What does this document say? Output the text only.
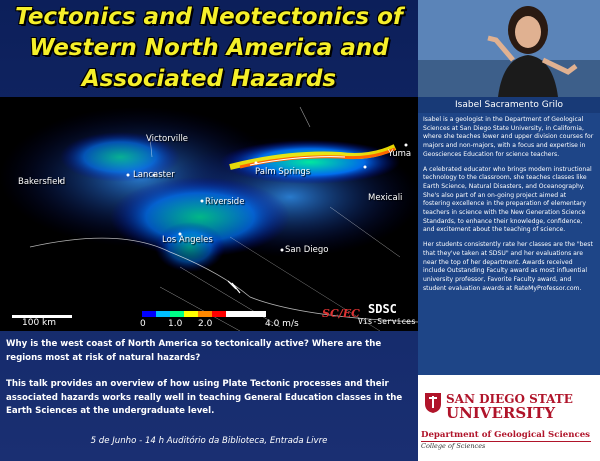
Tectonics and Neotectonics of
Western North America and
Associated Hazards
Victorville
Bakersfield
Lancaster	Palm Springs
Riverside
Los Angeles
San Diego
Mexicali
Yuma
100 km	0 1.0 2.0	4.0 m/s
SC/EC SDSC
Vis-Services
Why is the west coast of North America so tectonically active? Where are the regions most at risk of natural hazards?
This talk provides an overview of how using Plate Tectonic processes and their associated hazards works really well in teaching General Education classes in the Earth Sciences at the undergraduate level.
5 de Junho - 14 h Auditório da Biblioteca, Entrada Livre
Isabel Sacramento Grilo

Isabel is a geologist in the Department of Geological Sciences at San Diego State University, in California, where she teaches lower and upper division courses for majors and non-majors, with a focus and expertise in Geosciences Education for science teachers.

A celebrated educator who brings modern instructional technology to the classroom, she teaches classes like Earth Science, Natural Disasters, and Oceanography. She's also part of an on-going project aimed at fostering excellence in the preparation of elementary teachers in science with the New Generation Science Standards, to enhance their knowledge, confidence, and excitement about the teaching of science.

Her students consistently rate her classes are the "best that they've taken at SDSU" and her evaluations are near the top of her department. Awards received include Outstanding Faculty award as most influential university professor, Favorite Faculty award, and student evaluation awards at RateMyProfessor.com.

SAN DIEGO STATE
UNIVERSITY
Department of Geological Sciences
College of Sciences
